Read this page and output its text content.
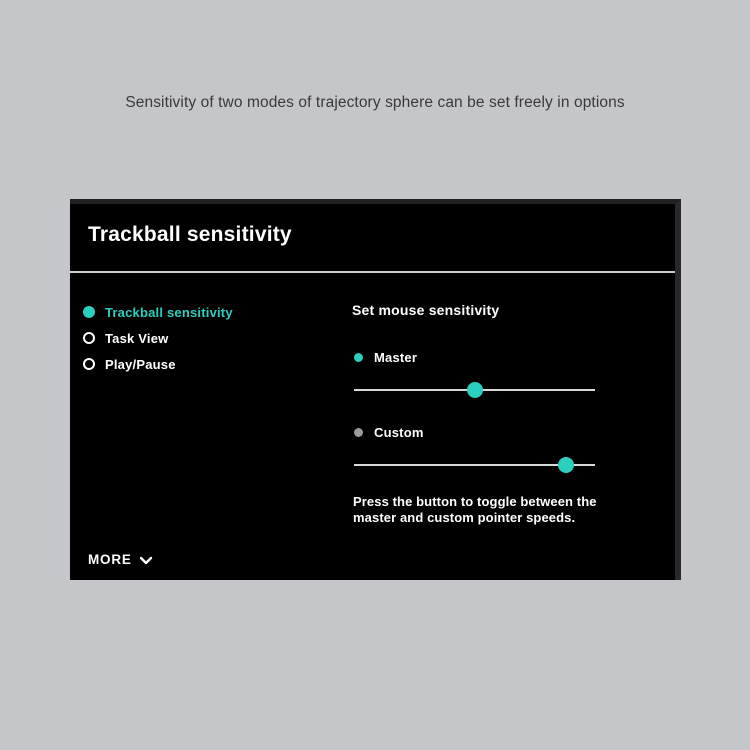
Sensitivity of two modes of trajectory sphere can be set freely in options
Trackball sensitivity
Trackball sensitivity
Task View
Play/Pause
Set mouse sensitivity
Master
Custom

Press the button to toggle between the master and custom pointer speeds.

MORE
